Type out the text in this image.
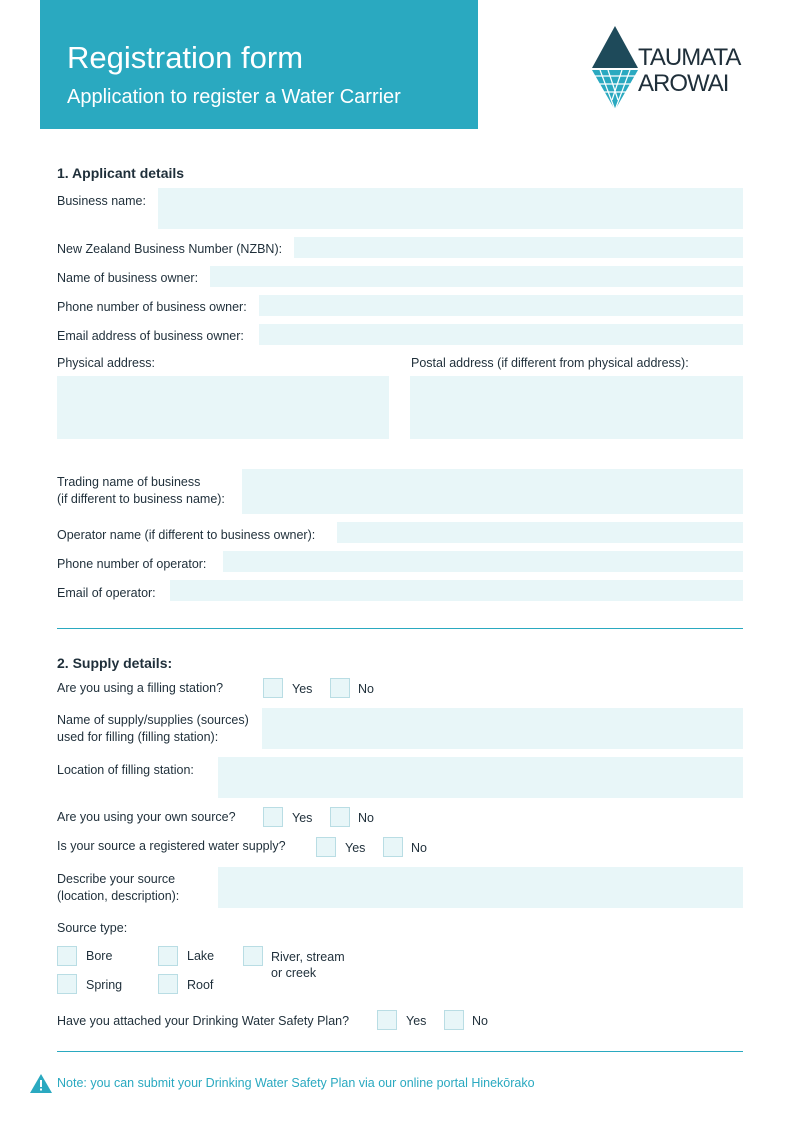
Registration form
Application to register a Water Carrier
TAUMATA
AROWAI
1. Applicant details
Business name:
New Zealand Business Number (NZBN):
Name of business owner:
Phone number of business owner:
Email address of business owner:
Physical address:	Postal address (if different from physical address):
Trading name of business
(if different to business name):
Operator name (if different to business owner):
Phone number of operator:
Email of operator:
2. Supply details:
Are you using a filling station?	Yes	No
Name of supply/supplies (sources)
used for filling (filling station):
Location of filling station:
Are you using your own source?	Yes	No
Is your source a registered water supply?	Yes	No
Describe your source
(location, description):
Source type:
Bore	Lake	River, stream
or creek
Spring	Roof
Have you attached your Drinking Water Safety Plan?	Yes	No
Note: you can submit your Drinking Water Safety Plan via our online portal Hinekōrako
